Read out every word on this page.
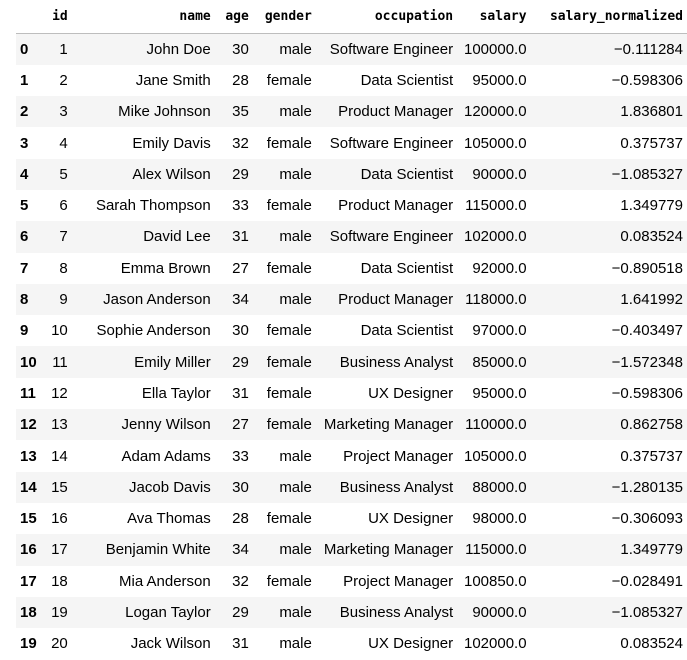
	id	name	age	gender	occupation	salary	salary_normalized
0	1	John Doe	30	male	Software Engineer	100000.0	−0.111284
1	2	Jane Smith	28	female	Data Scientist	95000.0	−0.598306
2	3	Mike Johnson	35	male	Product Manager	120000.0	1.836801
3	4	Emily Davis	32	female	Software Engineer	105000.0	0.375737
4	5	Alex Wilson	29	male	Data Scientist	90000.0	−1.085327
5	6	Sarah Thompson	33	female	Product Manager	115000.0	1.349779
6	7	David Lee	31	male	Software Engineer	102000.0	0.083524
7	8	Emma Brown	27	female	Data Scientist	92000.0	−0.890518
8	9	Jason Anderson	34	male	Product Manager	118000.0	1.641992
9	10	Sophie Anderson	30	female	Data Scientist	97000.0	−0.403497
10	11	Emily Miller	29	female	Business Analyst	85000.0	−1.572348
11	12	Ella Taylor	31	female	UX Designer	95000.0	−0.598306
12	13	Jenny Wilson	27	female	Marketing Manager	110000.0	0.862758
13	14	Adam Adams	33	male	Project Manager	105000.0	0.375737
14	15	Jacob Davis	30	male	Business Analyst	88000.0	−1.280135
15	16	Ava Thomas	28	female	UX Designer	98000.0	−0.306093
16	17	Benjamin White	34	male	Marketing Manager	115000.0	1.349779
17	18	Mia Anderson	32	female	Project Manager	100850.0	−0.028491
18	19	Logan Taylor	29	male	Business Analyst	90000.0	−1.085327
19	20	Jack Wilson	31	male	UX Designer	102000.0	0.083524
